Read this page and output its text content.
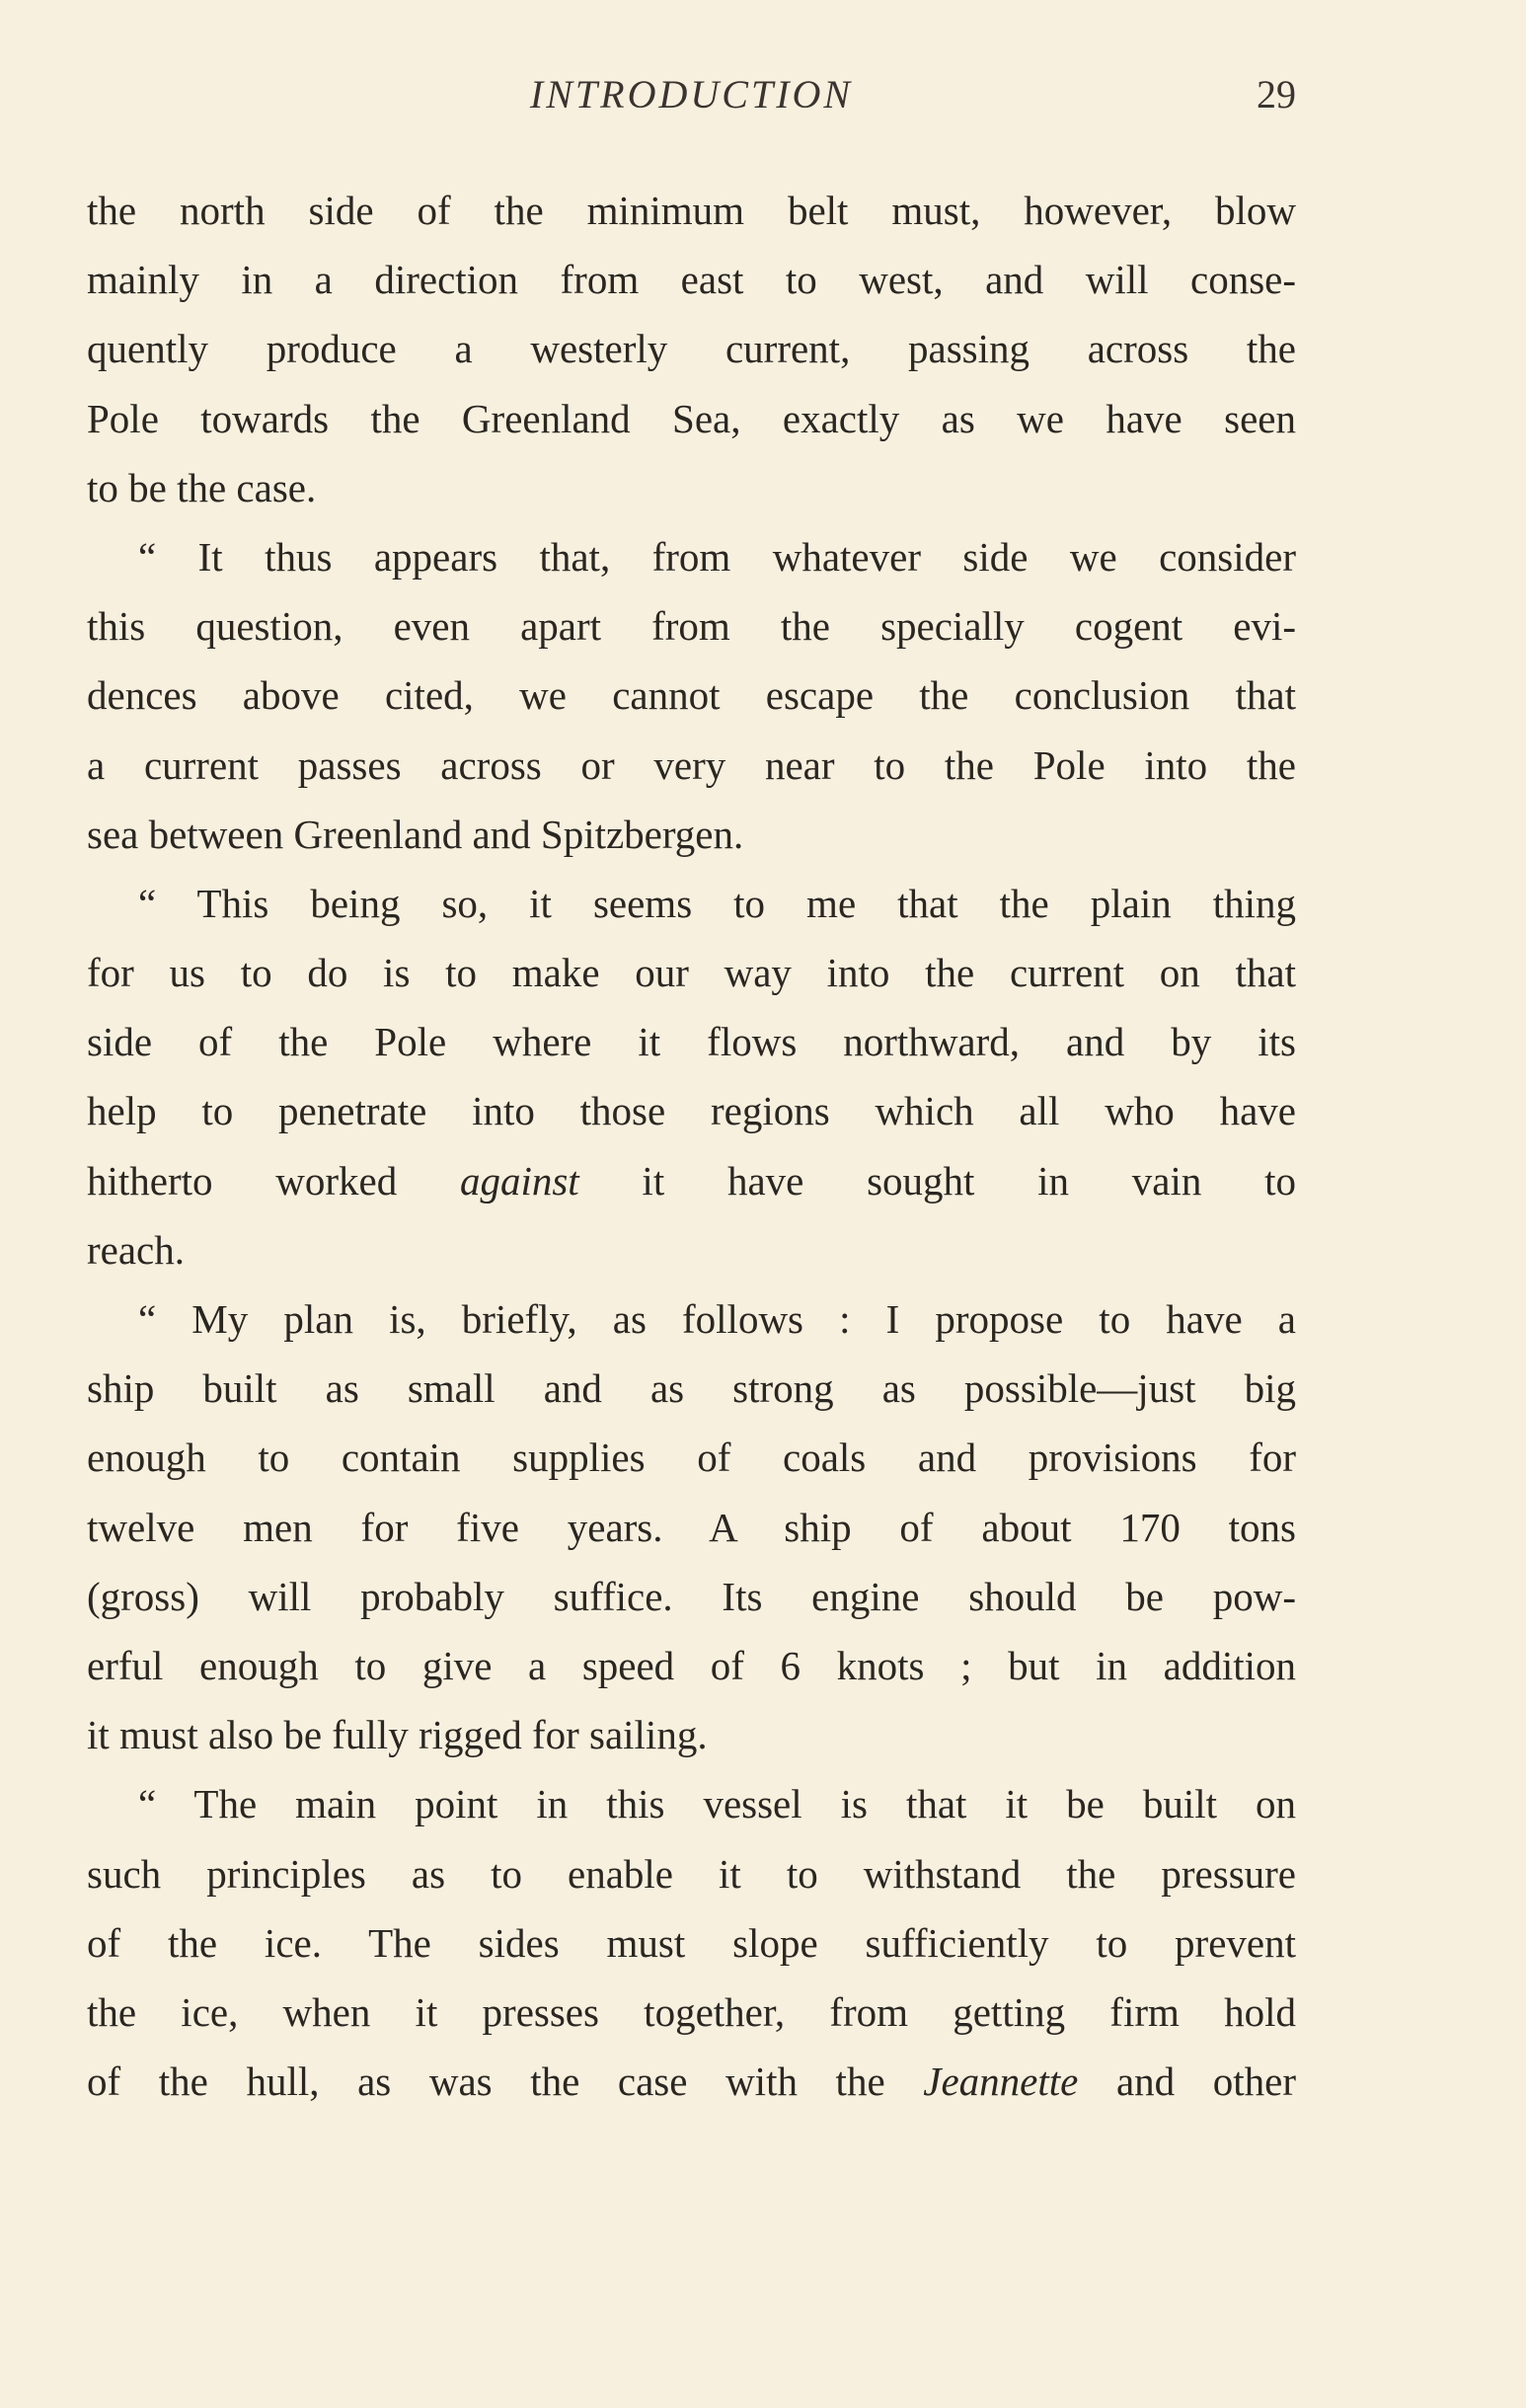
INTRODUCTION	29
the north side of the minimum belt must, however, blow
mainly in a direction from east to west, and will conse-
quently produce a westerly current, passing across the
Pole towards the Greenland Sea, exactly as we have seen
to be the case.
“ It thus appears that, from whatever side we consider
this question, even apart from the specially cogent evi-
dences above cited, we cannot escape the conclusion that
a current passes across or very near to the Pole into the
sea between Greenland and Spitzbergen.
“ This being so, it seems to me that the plain thing
for us to do is to make our way into the current on that
side of the Pole where it flows northward, and by its
help to penetrate into those regions which all who have
hitherto worked against it have sought in vain to
reach.
“ My plan is, briefly, as follows : I propose to have a
ship built as small and as strong as possible—just big
enough to contain supplies of coals and provisions for
twelve men for five years. A ship of about 170 tons
(gross) will probably suffice. Its engine should be pow-
erful enough to give a speed of 6 knots ; but in addition
it must also be fully rigged for sailing.
“ The main point in this vessel is that it be built on
such principles as to enable it to withstand the pressure
of the ice. The sides must slope sufficiently to prevent
the ice, when it presses together, from getting firm hold
of the hull, as was the case with the Jeannette and other
